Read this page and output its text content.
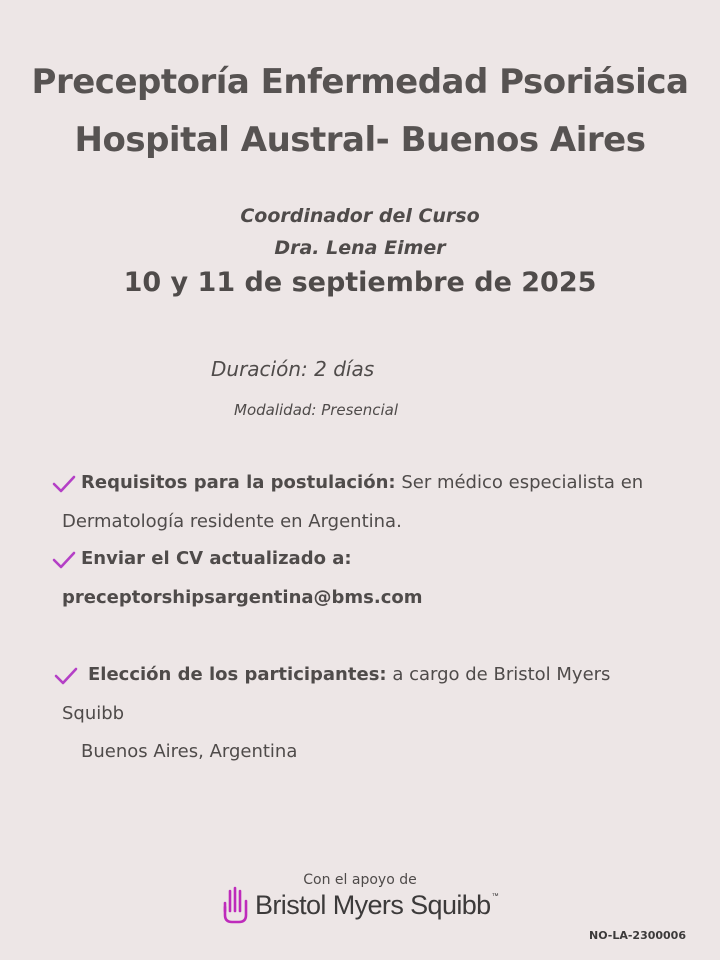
Preceptoría Enfermedad Psoriásica
Hospital Austral- Buenos Aires
Coordinador del Curso
Dra. Lena Eimer
10 y 11 de septiembre de 2025
Duración: 2 días
Modalidad: Presencial
Requisitos para la postulación: Ser médico especialista en
Dermatología residente en Argentina.
Enviar el CV actualizado a:
preceptorshipsargentina@bms.com
Elección de los participantes: a cargo de Bristol Myers
Squibb
Buenos Aires, Argentina
Con el apoyo de
Bristol Myers Squibb ™
NO-LA-2300006
